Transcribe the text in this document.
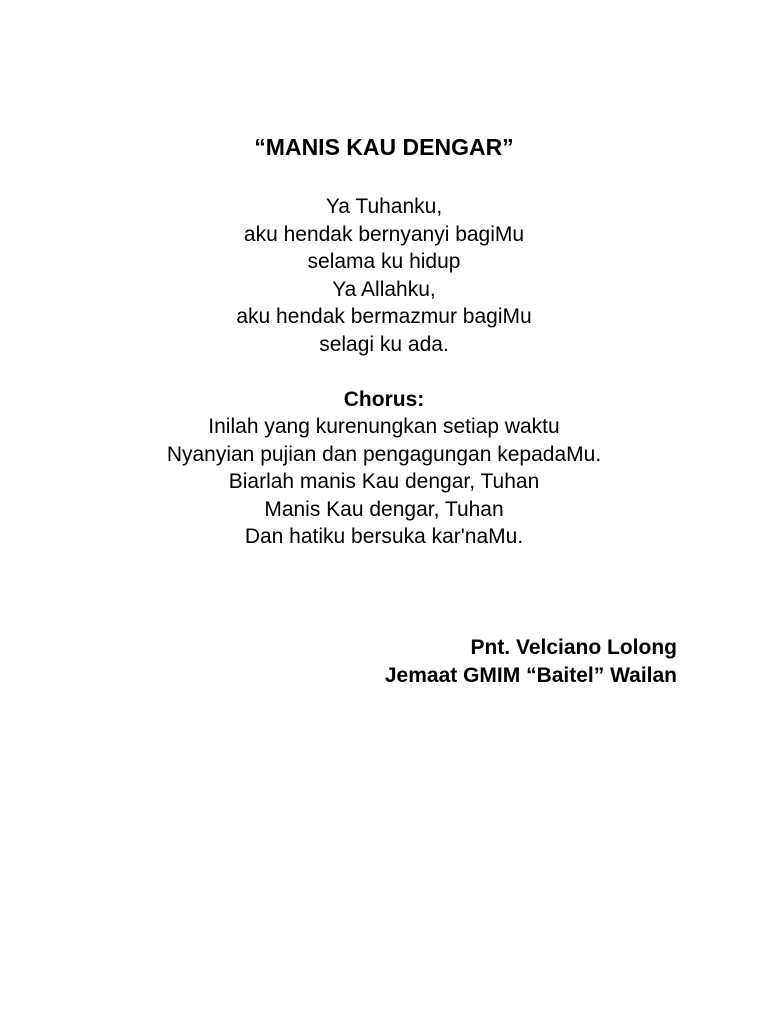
“MANIS KAU DENGAR”
Ya Tuhanku,
aku hendak bernyanyi bagiMu
selama ku hidup
Ya Allahku,
aku hendak bermazmur bagiMu
selagi ku ada.
Chorus:
Inilah yang kurenungkan setiap waktu
Nyanyian pujian dan pengagungan kepadaMu.
Biarlah manis Kau dengar, Tuhan
Manis Kau dengar, Tuhan
Dan hatiku bersuka kar'naMu.
Pnt. Velciano Lolong
Jemaat GMIM “Baitel” Wailan
